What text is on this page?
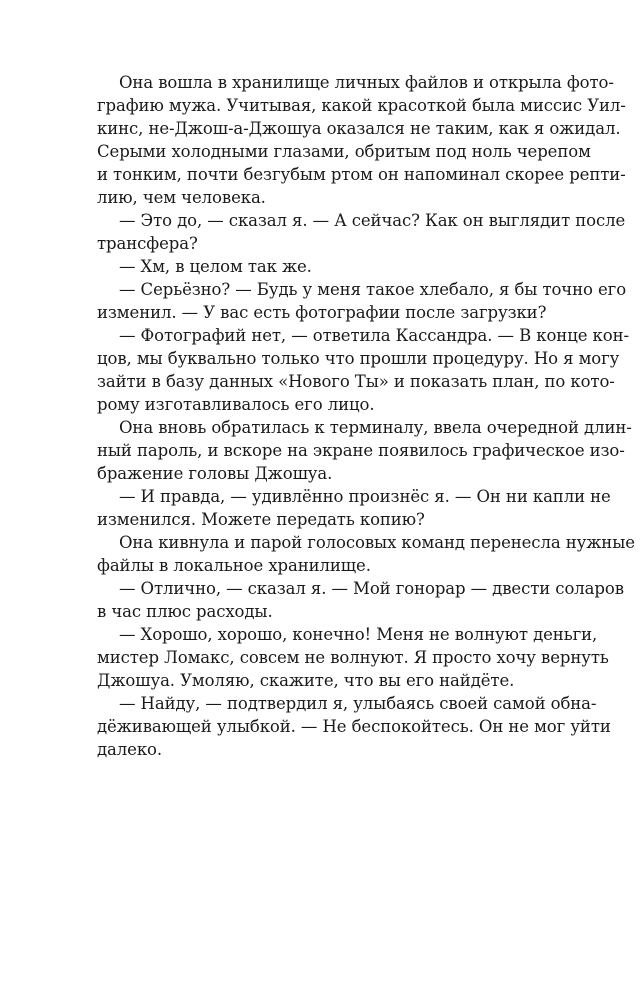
Она вошла в хранилище личных файлов и открыла фото-
графию мужа. Учитывая, какой красоткой была миссис Уил-
кинс, не-Джош-а-Джошуа оказался не таким, как я ожидал.
Серыми холодными глазами, обритым под ноль черепом
и тонким, почти безгубым ртом он напоминал скорее репти-
лию, чем человека.
— Это до, — сказал я. — А сейчас? Как он выглядит после
трансфера?
— Хм, в целом так же.
— Серьёзно? — Будь у меня такое хлебало, я бы точно его
изменил. — У вас есть фотографии после загрузки?
— Фотографий нет, — ответила Кассандра. — В конце кон-
цов, мы буквально только что прошли процедуру. Но я могу
зайти в базу данных «Нового Ты» и показать план, по кото-
рому изготавливалось его лицо.
Она вновь обратилась к терминалу, ввела очередной длин-
ный пароль, и вскоре на экране появилось графическое изо-
бражение головы Джошуа.
— И правда, — удивлённо произнёс я. — Он ни капли не
изменился. Можете передать копию?
Она кивнула и парой голосовых команд перенесла нужные
файлы в локальное хранилище.
— Отлично, — сказал я. — Мой гонорар — двести соларов
в час плюс расходы.
— Хорошо, хорошо, конечно! Меня не волнуют деньги,
мистер Ломакс, совсем не волнуют. Я просто хочу вернуть
Джошуа. Умоляю, скажите, что вы его найдёте.
— Найду, — подтвердил я, улыбаясь своей самой обна-
дёживающей улыбкой. — Не беспокойтесь. Он не мог уйти
далеко.
